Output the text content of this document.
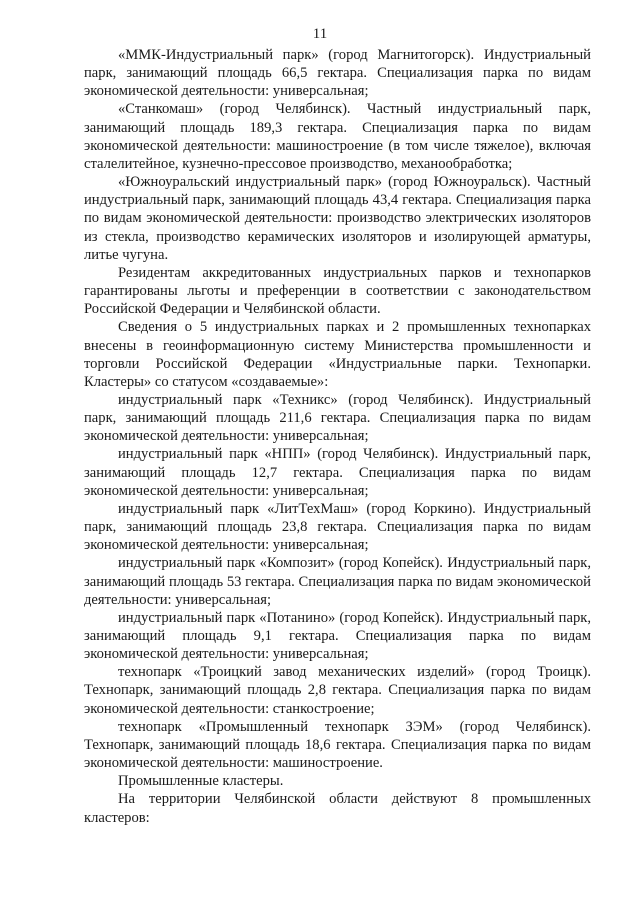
11

«ММК-Индустриальный парк» (город Магнитогорск). Индустриальный парк, занимающий площадь 66,5 гектара. Специализация парка по видам экономической деятельности: универсальная;

«Станкомаш» (город Челябинск). Частный индустриальный парк, занимающий площадь 189,3 гектара. Специализация парка по видам экономической деятельности: машиностроение (в том числе тяжелое), включая сталелитейное, кузнечно-прессовое производство, механообработка;

«Южноуральский индустриальный парк» (город Южноуральск). Частный индустриальный парк, занимающий площадь 43,4 гектара. Специализация парка по видам экономической деятельности: производство электрических изоляторов из стекла, производство керамических изоляторов и изолирующей арматуры, литье чугуна.

Резидентам аккредитованных индустриальных парков и технопарков гарантированы льготы и преференции в соответствии с законодательством Российской Федерации и Челябинской области.

Сведения о 5 индустриальных парках и 2 промышленных технопарках внесены в геоинформационную систему Министерства промышленности и торговли Российской Федерации «Индустриальные парки. Технопарки. Кластеры» со статусом «создаваемые»:

индустриальный парк «Техникс» (город Челябинск). Индустриальный парк, занимающий площадь 211,6 гектара. Специализация парка по видам экономической деятельности: универсальная;

индустриальный парк «НПП» (город Челябинск). Индустриальный парк, занимающий площадь 12,7 гектара. Специализация парка по видам экономической деятельности: универсальная;

индустриальный парк «ЛитТехМаш» (город Коркино). Индустриальный парк, занимающий площадь 23,8 гектара. Специализация парка по видам экономической деятельности: универсальная;

индустриальный парк «Композит» (город Копейск). Индустриальный парк, занимающий площадь 53 гектара. Специализация парка по видам экономической деятельности: универсальная;

индустриальный парк «Потанино» (город Копейск). Индустриальный парк, занимающий площадь 9,1 гектара. Специализация парка по видам экономической деятельности: универсальная;

технопарк «Троицкий завод механических изделий» (город Троицк). Технопарк, занимающий площадь 2,8 гектара. Специализация парка по видам экономической деятельности: станкостроение;

технопарк «Промышленный технопарк ЗЭМ» (город Челябинск). Технопарк, занимающий площадь 18,6 гектара. Специализация парка по видам экономической деятельности: машиностроение.

Промышленные кластеры.

На территории Челябинской области действуют 8 промышленных кластеров:
